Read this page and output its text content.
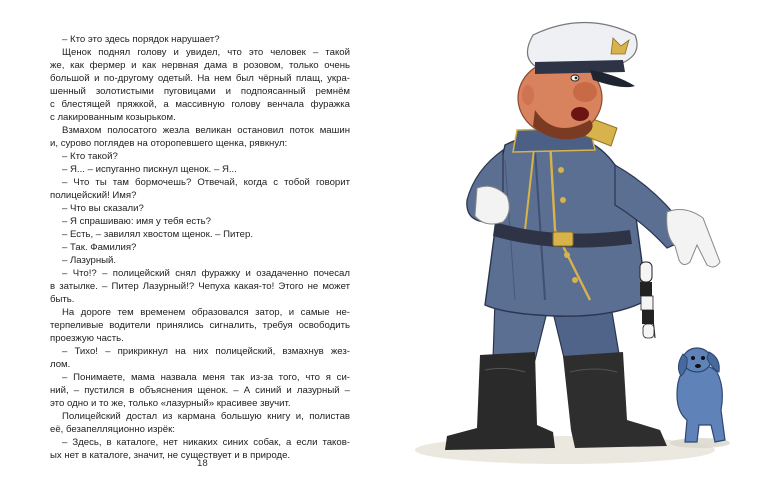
– Кто это здесь порядок нарушает?
Щенок поднял голову и увидел, что это человек – такой
же, как фермер и как нервная дама в розовом, только очень
большой и по-другому одетый. На нем был чёрный плащ, укра-
шенный золотистыми пуговицами и подпоясанный ремнём
с блестящей пряжкой, а массивную голову венчала фуражка
с лакированным козырьком.
Взмахом полосатого жезла великан остановил поток машин
и, сурово поглядев на оторопевшего щенка, рявкнул:
– Кто такой?
– Я... – испуганно пискнул щенок. – Я...
– Что ты там бормочешь? Отвечай, когда с тобой говорит
полицейский! Имя?
– Что вы сказали?
– Я спрашиваю: имя у тебя есть?
– Есть, – завилял хвостом щенок. – Питер.
– Так. Фамилия?
– Лазурный.
– Что!? – полицейский снял фуражку и озадаченно почесал
в затылке. – Питер Лазурный!? Чепуха какая-то! Этого не может
быть.
На дороге тем временем образовался затор, и самые не-
терпеливые водители принялись сигналить, требуя освободить
проезжую часть.
– Тихо! – прикрикнул на них полицейский, взмахнув жез-
лом.
– Понимаете, мама назвала меня так из-за того, что я си-
ний, – пустился в объяснения щенок. – А синий и лазурный –
это одно и то же, только «лазурный» красивее звучит.
Полицейский достал из кармана большую книгу и, полистав
её, безапелляционно изрёк:
– Здесь, в каталоге, нет никаких синих собак, а если таков-
ых нет в каталоге, значит, не существует и в природе.
18
